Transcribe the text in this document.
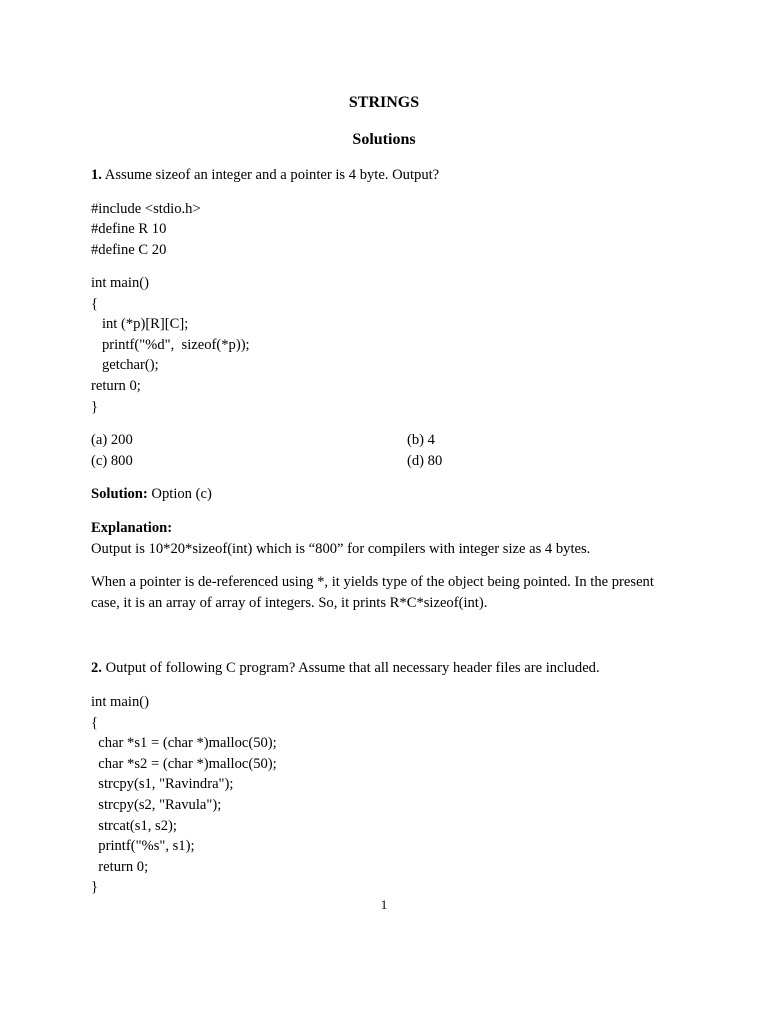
STRINGS
Solutions
1. Assume sizeof an integer and a pointer is 4 byte. Output?
#include <stdio.h>
#define R 10
#define C 20
int main()
{
int (*p)[R][C];
printf("%d",  sizeof(*p));
getchar();
return 0;
}
(a) 200	(b) 4
(c) 800	(d) 80
Solution: Option (c)
Explanation:
Output is 10*20*sizeof(int) which is “800” for compilers with integer size as 4 bytes.
When a pointer is de-referenced using *, it yields type of the object being pointed. In the present
case, it is an array of array of integers. So, it prints R*C*sizeof(int).
2. Output of following C program? Assume that all necessary header files are included.
int main()
{
char *s1 = (char *)malloc(50);
char *s2 = (char *)malloc(50);
strcpy(s1, "Ravindra");
strcpy(s2, "Ravula");
strcat(s1, s2);
printf("%s", s1);
return 0;
}
1
